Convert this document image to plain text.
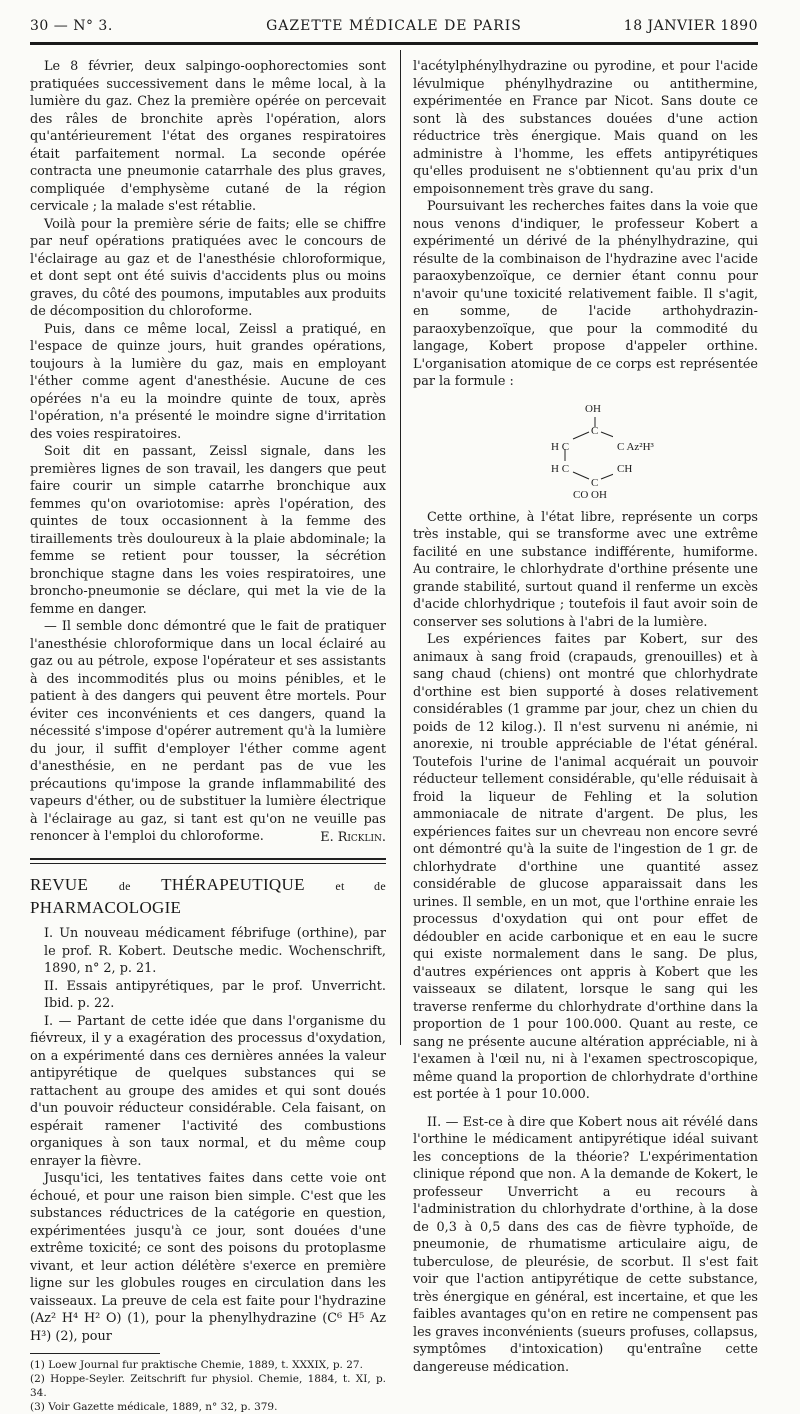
30 — N° 3.	GAZETTE MÉDICALE DE PARIS	18 JANVIER 1890

Le 8 février, deux salpingo-oophorectomies sont pratiquées successivement dans le même local, à la lumière du gaz. Chez la première opérée on percevait des râles de bronchite après l'opération, alors qu'antérieurement l'état des organes respiratoires était parfaitement normal. La seconde opérée contracta une pneumonie catarrhale des plus graves, compliquée d'emphysème cutané de la région cervicale ; la malade s'est rétablie.

Voilà pour la première série de faits; elle se chiffre par neuf opérations pratiquées avec le concours de l'éclairage au gaz et de l'anesthésie chloroformique, et dont sept ont été suivis d'accidents plus ou moins graves, du côté des poumons, imputables aux produits de décomposition du chloroforme.

Puis, dans ce même local, Zeissl a pratiqué, en l'espace de quinze jours, huit grandes opérations, toujours à la lumière du gaz, mais en employant l'éther comme agent d'anesthésie. Aucune de ces opérées n'a eu la moindre quinte de toux, après l'opération, n'a présenté le moindre signe d'irritation des voies respiratoires.

Soit dit en passant, Zeissl signale, dans les premières lignes de son travail, les dangers que peut faire courir un simple catarrhe bronchique aux femmes qu'on ovariotomise: après l'opération, des quintes de toux occasionnent à la femme des tiraillements très douloureux à la plaie abdominale; la femme se retient pour tousser, la sécrétion bronchique stagne dans les voies respiratoires, une broncho-pneumonie se déclare, qui met la vie de la femme en danger.

— Il semble donc démontré que le fait de pratiquer l'anesthésie chloroformique dans un local éclairé au gaz ou au pétrole, expose l'opérateur et ses assistants à des incommodités plus ou moins pénibles, et le patient à des dangers qui peuvent être mortels. Pour éviter ces inconvénients et ces dangers, quand la nécessité s'impose d'opérer autrement qu'à la lumière du jour, il suffit d'employer l'éther comme agent d'anesthésie, en ne perdant pas de vue les précautions qu'impose la grande inflammabilité des vapeurs d'éther, ou de substituer la lumière électrique à l'éclairage au gaz, si tant est qu'on ne veuille pas renoncer à l'emploi du chloroforme.	E. Ricklin.
REVUE	de THÉRAPEUTIQUE	et de PHARMACOLOGIE

I. Un nouveau médicament fébrifuge (orthine), par le prof. R. Kobert. Deutsche medic. Wochenschrift, 1890, n° 2, p. 21.

II. Essais antipyrétiques, par le prof. Unverricht. Ibid. p. 22.

I. — Partant de cette idée que dans l'organisme du fiévreux, il y a exagération des processus d'oxydation, on a expérimenté dans ces dernières années la valeur antipyrétique de quelques substances qui se rattachent au groupe des amides et qui sont doués d'un pouvoir réducteur considérable. Cela faisant, on espérait ramener l'activité des combustions organiques à son taux normal, et du même coup enrayer la fièvre.

Jusqu'ici, les tentatives faites dans cette voie ont échoué, et pour une raison bien simple. C'est que les substances réductrices de la catégorie en question, expérimentées jusqu'à ce jour, sont douées d'une extrême toxicité; ce sont des poisons du protoplasme vivant, et leur action délétère s'exerce en première ligne sur les globules rouges en circulation dans les vaisseaux. La preuve de cela est faite pour l'hydrazine (Az² H⁴ H² O) (1), pour la phenylhydrazine (C⁶ H⁵ Az H³) (2), pour

(1) Loew Journal fur praktische Chemie, 1889, t. XXXIX, p. 27.
(2) Hoppe-Seyler. Zeitschrift fur physiol. Chemie, 1884, t. XI, p. 34.
(3) Voir Gazette médicale, 1889, n° 32, p. 379.

l'acétylphénylhydrazine ou pyrodine, et pour l'acide lévulmique phénylhydrazine ou antithermine, expérimentée en France par Nicot. Sans doute ce sont là des substances douées d'une action réductrice très énergique. Mais quand on les administre à l'homme, les effets antipyrétiques qu'elles produisent ne s'obtiennent qu'au prix d'un empoisonnement très grave du sang.

Poursuivant les recherches faites dans la voie que nous venons d'indiquer, le professeur Kobert a expérimenté un dérivé de la phénylhydrazine, qui résulte de la combinaison de l'hydrazine avec l'acide paraoxybenzoïque, ce dernier étant connu pour n'avoir qu'une toxicité relativement faible. Il s'agit, en somme, de l'acide arthohydrazin-paraoxybenzoïque, que pour la commodité du langage, Kobert propose d'appeler orthine. L'organisation atomique de ce corps est représentée par la formule :

OH
C
H C	C Az²H³
H C	CH
C
CO OH

Cette orthine, à l'état libre, représente un corps très instable, qui se transforme avec une extrême facilité en une substance indifférente, humiforme. Au contraire, le chlorhydrate d'orthine présente une grande stabilité, surtout quand il renferme un excès d'acide chlorhydrique ; toutefois il faut avoir soin de conserver ses solutions à l'abri de la lumière.

Les expériences faites par Kobert, sur des animaux à sang froid (crapauds, grenouilles) et à sang chaud (chiens) ont montré que chlorhydrate d'orthine est bien supporté à doses relativement considérables (1 gramme par jour, chez un chien du poids de 12 kilog.). Il n'est survenu ni anémie, ni anorexie, ni trouble appréciable de l'état général. Toutefois l'urine de l'animal acquérait un pouvoir réducteur tellement considérable, qu'elle réduisait à froid la liqueur de Fehling et la solution ammoniacale de nitrate d'argent. De plus, les expériences faites sur un chevreau non encore sevré ont démontré qu'à la suite de l'ingestion de 1 gr. de chlorhydrate d'orthine une quantité assez considérable de glucose apparaissait dans les urines. Il semble, en un mot, que l'orthine enraie les processus d'oxydation qui ont pour effet de dédoubler en acide carbonique et en eau le sucre qui existe normalement dans le sang. De plus, d'autres expériences ont appris à Kobert que les vaisseaux se dilatent, lorsque le sang qui les traverse renferme du chlorhydrate d'orthine dans la proportion de 1 pour 100.000. Quant au reste, ce sang ne présente aucune altération appréciable, ni à l'examen à l'œil nu, ni à l'examen spectroscopique, même quand la proportion de chlorhydrate d'orthine est portée à 1 pour 10.000.

II. — Est-ce à dire que Kobert nous ait révélé dans l'orthine le médicament antipyrétique idéal suivant les conceptions de la théorie? L'expérimentation clinique répond que non. A la demande de Kokert, le professeur Unverricht a eu recours à l'administration du chlorhydrate d'orthine, à la dose de 0,3 à 0,5 dans des cas de fièvre typhoïde, de pneumonie, de rhumatisme articulaire aigu, de tuberculose, de pleurésie, de scorbut. Il s'est fait voir que l'action antipyrétique de cette substance, très énergique en général, est incertaine, et que les faibles avantages qu'on en retire ne compensent pas les graves inconvénients (sueurs profuses, collapsus, symptômes d'intoxication) qu'entraîne cette dangereuse médication.
